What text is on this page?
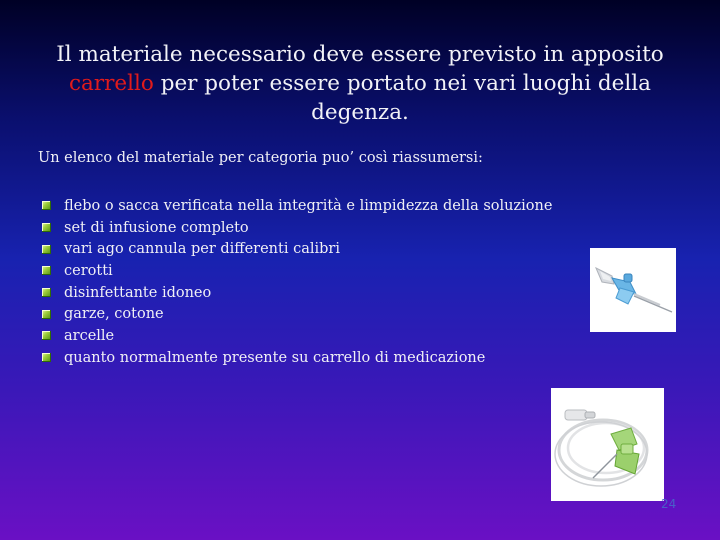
Il materiale necessario deve essere previsto in apposito
carrello per poter essere portato nei vari luoghi della
degenza.
Un elenco del materiale per categoria puo’ così riassumersi:
flebo o sacca verificata nella integrità e limpidezza della soluzione
set di infusione completo
vari ago cannula per differenti calibri
cerotti
disinfettante idoneo
garze, cotone
arcelle
quanto normalmente presente su carrello di medicazione
24
